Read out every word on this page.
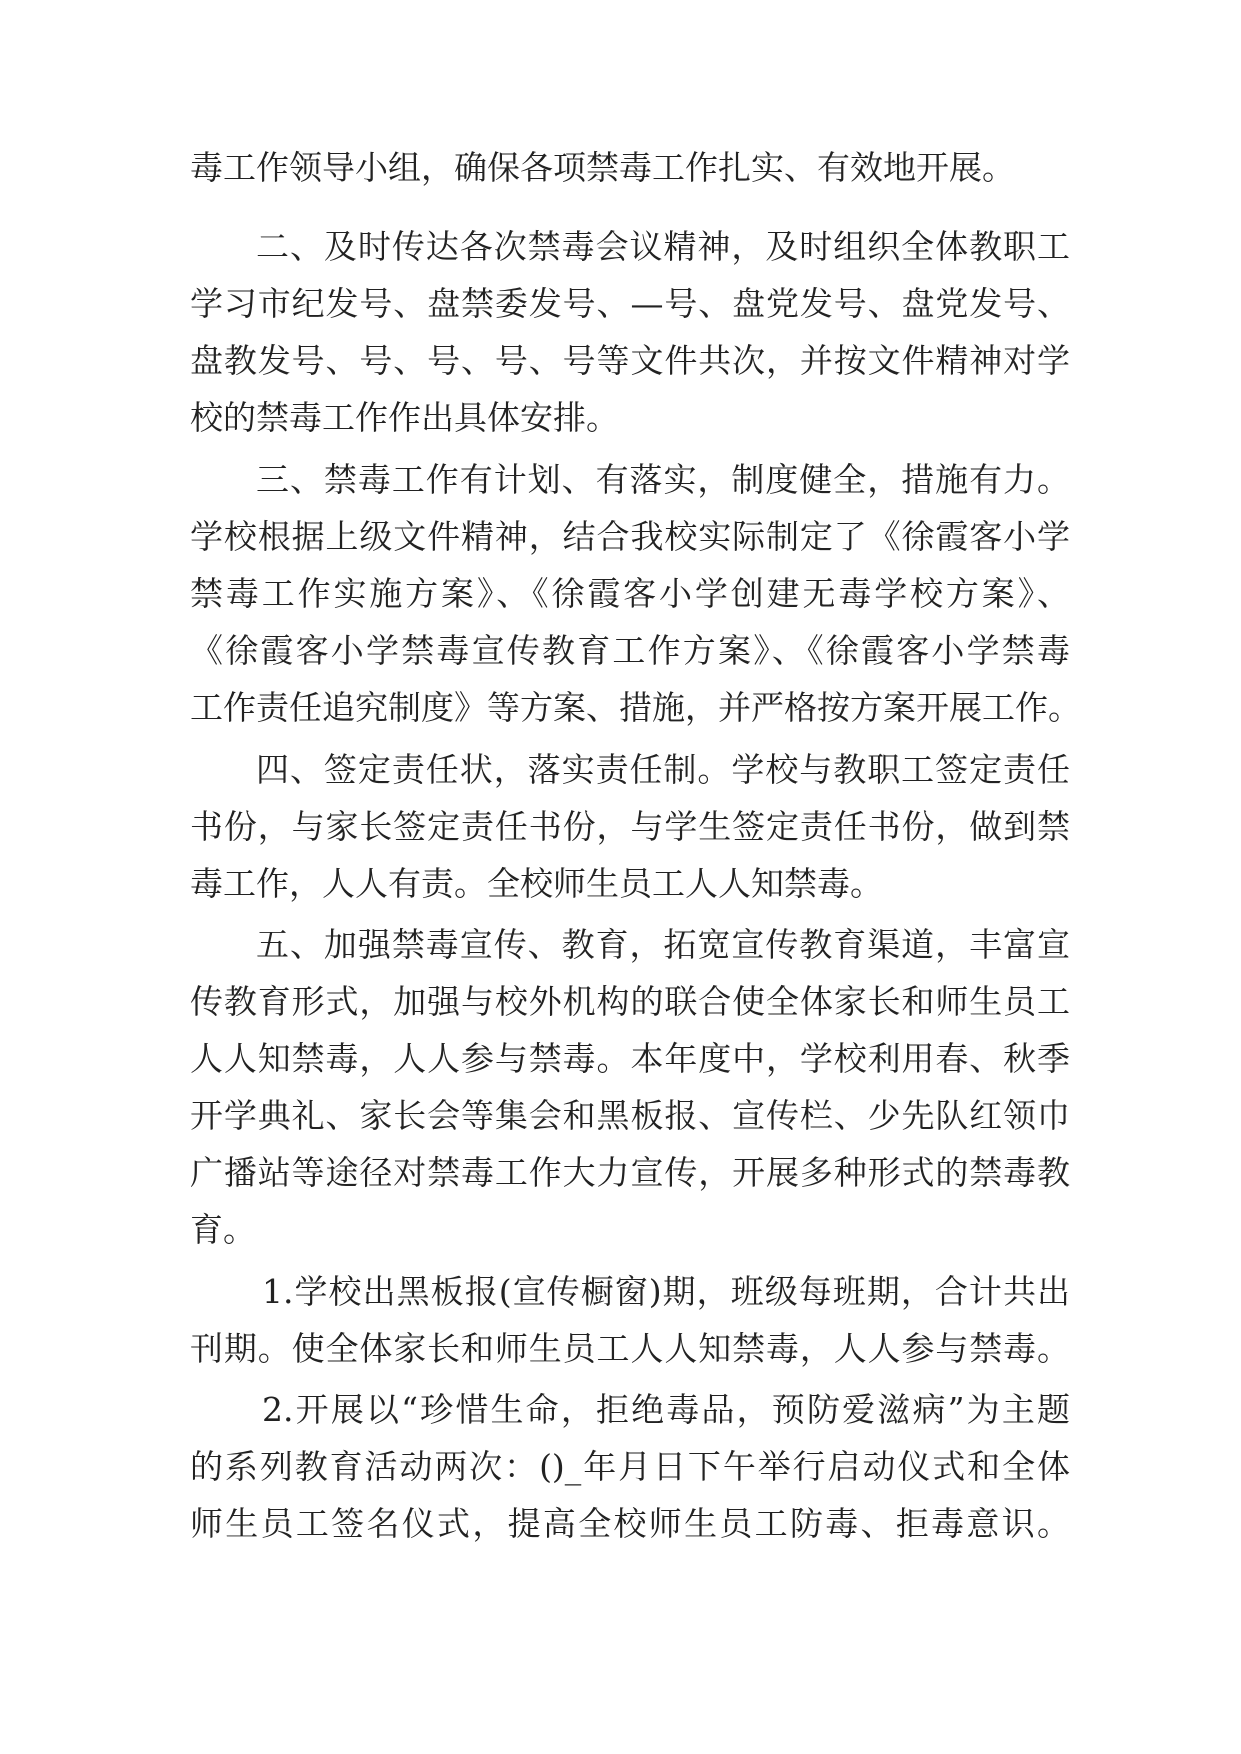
毒工作领导小组，确保各项禁毒工作扎实、有效地开展。
二、及时传达各次禁毒会议精神，及时组织全体教职工
学习市纪发号、盘禁委发号、—号、盘党发号、盘党发号、
盘教发号、号、号、号、号等文件共次，并按文件精神对学
校的禁毒工作作出具体安排。
三、禁毒工作有计划、有落实，制度健全，措施有力。
学校根据上级文件精神，结合我校实际制定了《徐霞客小学
禁毒工作实施方案》、《徐霞客小学创建无毒学校方案》、
《徐霞客小学禁毒宣传教育工作方案》、《徐霞客小学禁毒
工作责任追究制度》等方案、措施，并严格按方案开展工作。
四、签定责任状，落实责任制。学校与教职工签定责任
书份，与家长签定责任书份，与学生签定责任书份，做到禁
毒工作，人人有责。全校师生员工人人知禁毒。
五、加强禁毒宣传、教育，拓宽宣传教育渠道，丰富宣
传教育形式，加强与校外机构的联合使全体家长和师生员工
人人知禁毒，人人参与禁毒。本年度中，学校利用春、秋季
开学典礼、家长会等集会和黑板报、宣传栏、少先队红领巾
广播站等途径对禁毒工作大力宣传，开展多种形式的禁毒教
育。
1.学校出黑板报(宣传橱窗)期，班级每班期，合计共出
刊期。使全体家长和师生员工人人知禁毒，人人参与禁毒。
2.开展以“珍惜生命，拒绝毒品，预防爱滋病”为主题
的系列教育活动两次：()_年月日下午举行启动仪式和全体
师生员工签名仪式，提高全校师生员工防毒、拒毒意识。
